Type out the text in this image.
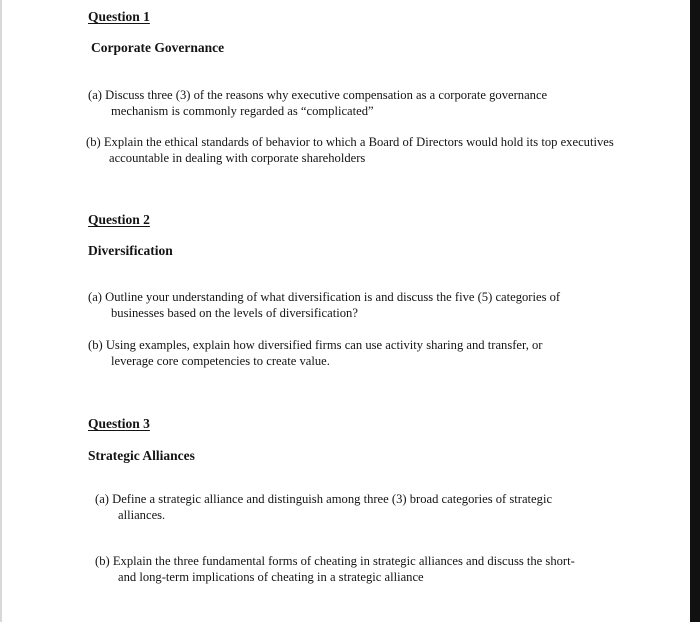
Question 1
Corporate Governance
(a) Discuss three (3) of the reasons why executive compensation as a corporate governance
mechanism is commonly regarded as “complicated”
(b) Explain the ethical standards of behavior to which a Board of Directors would hold its top executives
accountable in dealing with corporate shareholders
Question 2
Diversification
(a) Outline your understanding of what diversification is and discuss the five (5) categories of
businesses based on the levels of diversification?
(b) Using examples, explain how diversified firms can use activity sharing and transfer, or
leverage core competencies to create value.
Question 3
Strategic Alliances
(a) Define a strategic alliance and distinguish among three (3) broad categories of strategic
alliances.
(b) Explain the three fundamental forms of cheating in strategic alliances and discuss the short-
and long-term implications of cheating in a strategic alliance
